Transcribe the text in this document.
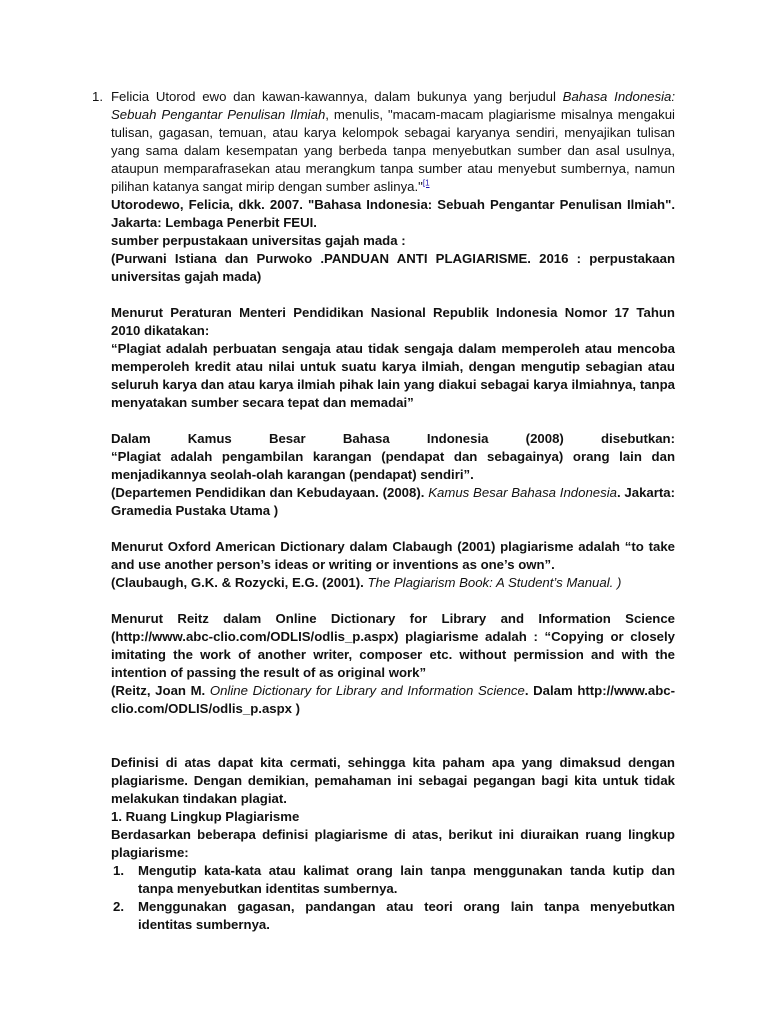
1. Felicia Utorod ewo dan kawan-kawannya, dalam bukunya yang berjudul Bahasa Indonesia: Sebuah Pengantar Penulisan Ilmiah, menulis, "macam-macam plagiarisme misalnya mengakui tulisan, gagasan, temuan, atau karya kelompok sebagai karyanya sendiri, menyajikan tulisan yang sama dalam kesempatan yang berbeda tanpa menyebutkan sumber dan asal usulnya, ataupun memparafrasekan atau merangkum tanpa sumber atau menyebut sumbernya, namun pilihan katanya sangat mirip dengan sumber aslinya."$^{[1}$

Utorodewo, Felicia, dkk. 2007. "Bahasa Indonesia: Sebuah Pengantar Penulisan Ilmiah". Jakarta: Lembaga Penerbit FEUI.

sumber perpustakaan universitas gajah mada :

(Purwani Istiana dan Purwoko .PANDUAN ANTI PLAGIARISME. 2016 : perpustakaan universitas gajah mada)

Menurut Peraturan Menteri Pendidikan Nasional Republik Indonesia Nomor 17 Tahun 2010 dikatakan:

“Plagiat adalah perbuatan sengaja atau tidak sengaja dalam memperoleh atau mencoba memperoleh kredit atau nilai untuk suatu karya ilmiah, dengan mengutip sebagian atau seluruh karya dan atau karya ilmiah pihak lain yang diakui sebagai karya ilmiahnya, tanpa menyatakan sumber secara tepat dan memadai”

Dalam	Kamus	Besar	Bahasa	Indonesia	(2008)	disebutkan:

“Plagiat adalah pengambilan karangan (pendapat dan sebagainya) orang lain dan menjadikannya seolah-olah karangan (pendapat) sendiri”.

(Departemen Pendidikan dan Kebudayaan. (2008). Kamus Besar Bahasa Indonesia. Jakarta: Gramedia Pustaka Utama )

Menurut Oxford American Dictionary dalam Clabaugh (2001) plagiarisme adalah “to take and use another person’s ideas or writing or inventions as one’s own”.

(Claubaugh, G.K. & Rozycki, E.G. (2001). The Plagiarism Book: A Student’s Manual. )

Menurut Reitz dalam Online Dictionary for Library and Information Science (http://www.abc-clio.com/ODLIS/odlis_p.aspx) plagiarisme adalah : “Copying or closely imitating the work of another writer, composer etc. without permission and with the intention of passing the result of as original work”

(Reitz, Joan M. Online Dictionary for Library and Information Science. Dalam http://www.abc-clio.com/ODLIS/odlis_p.aspx )

Definisi di atas dapat kita cermati, sehingga kita paham apa yang dimaksud dengan plagiarisme. Dengan demikian, pemahaman ini sebagai pegangan bagi kita untuk tidak melakukan tindakan plagiat.

1. Ruang Lingkup Plagiarisme

Berdasarkan beberapa definisi plagiarisme di atas, berikut ini diuraikan ruang lingkup plagiarisme:

1. Mengutip kata-kata atau kalimat orang lain tanpa menggunakan tanda kutip dan tanpa menyebutkan identitas sumbernya.
2. Menggunakan gagasan, pandangan atau teori orang lain tanpa menyebutkan identitas sumbernya.
